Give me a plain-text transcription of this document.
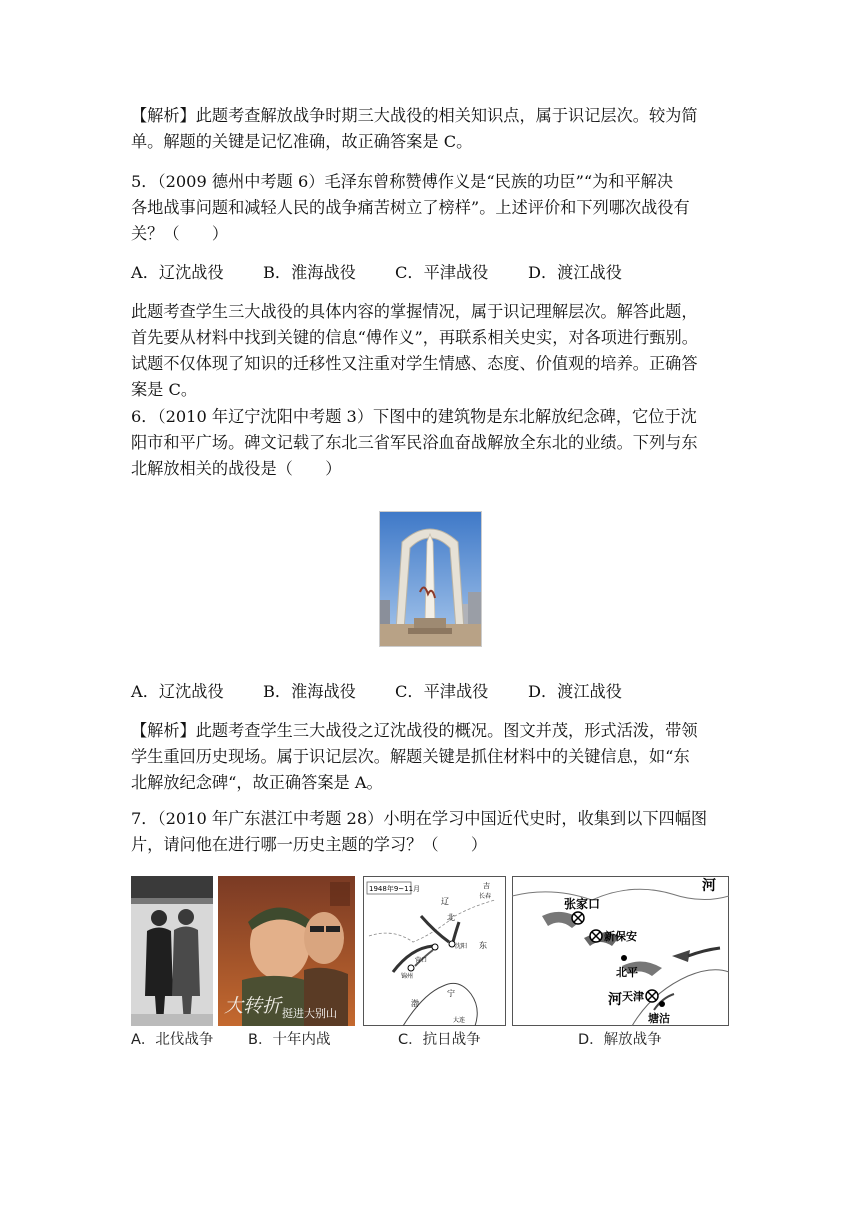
【解析】此题考查解放战争时期三大战役的相关知识点，属于识记层次。较为简
单。解题的关键是记忆准确，故正确答案是 C。
5．（2009 德州中考题 6）毛泽东曾称赞傅作义是“民族的功臣”“为和平解决
各地战事问题和减轻人民的战争痛苦树立了榜样”。上述评价和下列哪次战役有
关？（　　）
A．辽沈战役 B．淮海战役 C．平津战役 D．渡江战役
此题考查学生三大战役的具体内容的掌握情况，属于识记理解层次。解答此题，
首先要从材料中找到关键的信息“傅作义”，再联系相关史实，对各项进行甄别。
试题不仅体现了知识的迁移性又注重对学生情感、态度、价值观的培养。正确答
案是 C。
6．（2010 年辽宁沈阳中考题 3）下图中的建筑物是东北解放纪念碑，它位于沈
阳市和平广场。碑文记载了东北三省军民浴血奋战解放全东北的业绩。下列与东
北解放相关的战役是（　　）
A．辽沈战役 B．淮海战役 C．平津战役 D．渡江战役
【解析】此题考查学生三大战役之辽沈战役的概况。图文并茂，形式活泼，带领
学生重回历史现场。属于识记层次。解题关键是抓住材料中的关键信息，如“东
北解放纪念碑“，故正确答案是 A。
7．（2010 年广东湛江中考题 28）小明在学习中国近代史时，收集到以下四幅图
片，请问他在进行哪一历史主题的学习？（　　）
大转折 挺进大别山
1948年9~11月
辽
北
吉
长春
锦州
沈阳
营口
东
渤
宁
大连
张家口
新保安
北平
天津
塘沽
河
河
A．北伐战争 B．十年内战	C．抗日战争	D．解放战争
